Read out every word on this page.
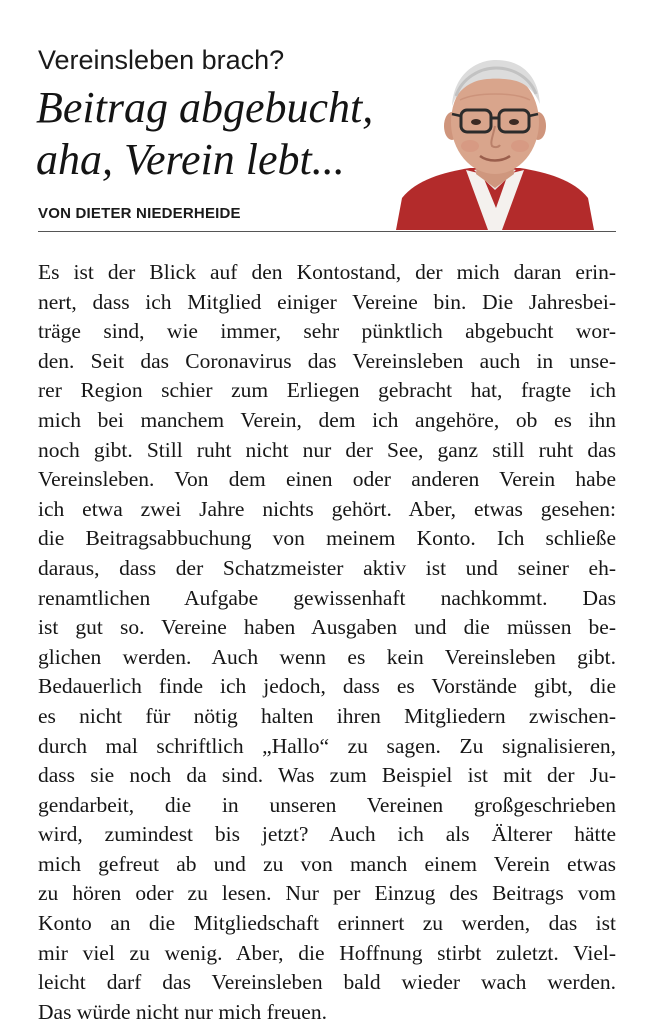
Vereinsleben brach?
Beitrag abgebucht,
aha, Verein lebt...
VON DIETER NIEDERHEIDE
Es ist der Blick auf den Kontostand, der mich daran erin-
nert, dass ich Mitglied einiger Vereine bin. Die Jahresbei-
träge sind, wie immer, sehr pünktlich abgebucht wor-
den. Seit das Coronavirus das Vereinsleben auch in unse-
rer Region schier zum Erliegen gebracht hat, fragte ich
mich bei manchem Verein, dem ich angehöre, ob es ihn
noch gibt. Still ruht nicht nur der See, ganz still ruht das
Vereinsleben. Von dem einen oder anderen Verein habe
ich etwa zwei Jahre nichts gehört. Aber, etwas gesehen:
die Beitragsabbuchung von meinem Konto. Ich schließe
daraus, dass der Schatzmeister aktiv ist und seiner eh-
renamtlichen Aufgabe gewissenhaft nachkommt. Das
ist gut so. Vereine haben Ausgaben und die müssen be-
glichen werden. Auch wenn es kein Vereinsleben gibt.
Bedauerlich finde ich jedoch, dass es Vorstände gibt, die
es nicht für nötig halten ihren Mitgliedern zwischen-
durch mal schriftlich „Hallo“ zu sagen. Zu signalisieren,
dass sie noch da sind. Was zum Beispiel ist mit der Ju-
gendarbeit, die in unseren Vereinen großgeschrieben
wird, zumindest bis jetzt? Auch ich als Älterer hätte
mich gefreut ab und zu von manch einem Verein etwas
zu hören oder zu lesen. Nur per Einzug des Beitrags vom
Konto an die Mitgliedschaft erinnert zu werden, das ist
mir viel zu wenig. Aber, die Hoffnung stirbt zuletzt. Viel-
leicht darf das Vereinsleben bald wieder wach werden.
Das würde nicht nur mich freuen.
